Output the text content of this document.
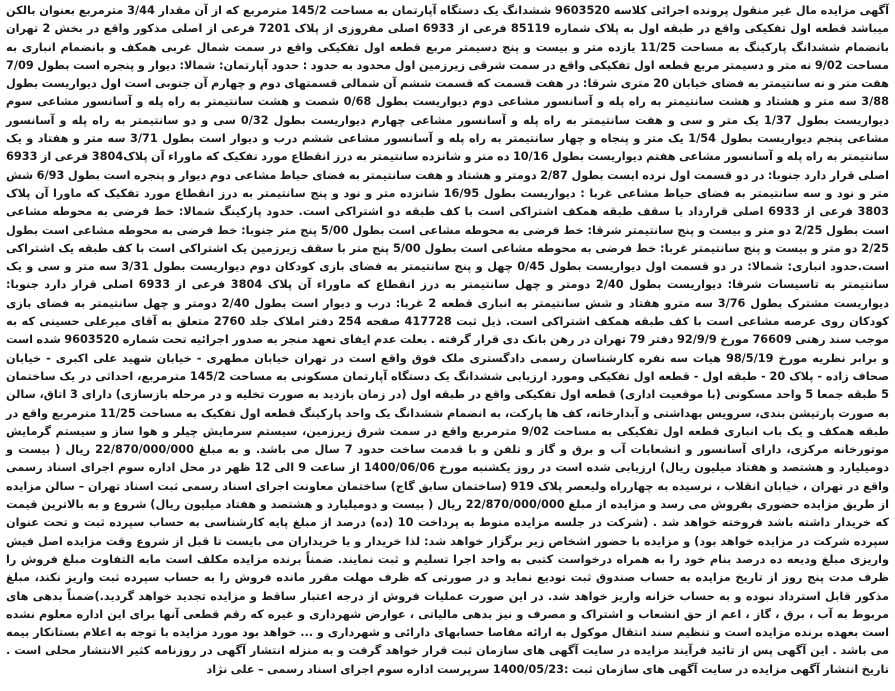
آگهی مزایده مال غیر منقول پرونده اجرائی کلاسه 9603520 ششدانگ یک دستگاه آپارتمان به مساحت 145/2 مترمربع که از آن مقدار 3/44 مترمربع بعنوان بالکن میباشد قطعه اول تفکیکی واقع در طبقه اول به پلاک شماره 85119 فرعی از 6933 اصلی مفروزی از پلاک 7201 فرعی از اصلی مذکور واقع در بخش 2 تهران بانضمام ششدانگ پارکینگ به مساحت 11/25 یازده متر و بیست و پنج دسیمتر مربع قطعه اول تفکیکی واقع در سمت شمال غربی همکف و بانضمام انباری به مساحت 9/02 نه متر و دسیمتر مربع قطعه اول تفکیکی واقع در سمت شرقی زیرزمین اول محدود به حدود : حدود آپارتمان: شمالا: دیوار و پنجره است بطول 7/09 هفت متر و نه سانتیمتر به فضای خیابان 20 متری شرقا: در هفت قسمت که قسمت ششم آن شمالی قسمتهای دوم و چهارم آن جنوبی است اول دیواریست بطول 3/88 سه متر و هشتاد و هشت سانتیمتر به راه پله و آسانسور مشاعی دوم دیواریست بطول 0/68 شصت و هشت سانتیمتر به راه پله و آسانسور مشاعی سوم دیواریست بطول 1/37 یک متر و سی و هفت سانتیمتر به راه پله و آسانسور مشاعی چهارم دیواریست بطول 0/32 سی و دو سانتیمتر به راه پله و آسانسور مشاعی پنجم دیواریست بطول 1/54 یک متر و پنجاه و چهار سانتیمتر به راه پله و آسانسور مشاعی ششم درب و دیوار است بطول 3/71 سه متر و هفتاد و یک سانتیمتر به راه پله و آسانسور مشاعی هفتم دیواریست بطول 10/16 ده متر و شانزده سانتیمتر به درز انقطاع مورد تفکیک که ماوراء آن پلاک3804 فرعی از 6933 اصلی قرار دارد جنوبا: در دو قسمت اول نرده ایست بطول 2/87 دومتر و هشتاد و هفت سانتیمتر به فضای حیاط مشاعی دوم دیوار و پنجره است بطول 6/93 شش متر و نود و سه سانتیمتر به فضای حیاط مشاعی غربا : دیواریست بطول 16/95 شانزده متر و نود و پنج سانتیمتر به درز انقطاع مورد تفکیک که ماورا آن پلاک 3803 فرعی از 6933 اصلی قرارداد با سقف طبقه همکف اشتراکی است با کف طبقه دو اشتراکی است. حدود پارکینگ شمالا: خط فرضی به محوطه مشاعی است بطول 2/25 دو متر و بیست و پنج سانتیمتر شرقا: خط فرضی به محوطه مشاعی است بطول 5/00 پنج متر جنوبا: خط فرضی به محوطه مشاعی است بطول 2/25 دو متر و بیست و پنج سانتیمتر غربا: خط فرضی به محوطه مشاعی است بطول 5/00 پنج متر با سقف زیرزمین یک اشتراکی است با کف طبقه یک اشتراکی است.حدود انباری: شمالا: در دو قسمت اول دیواریست بطول 0/45 چهل و پنج سانتیمتر به فضای بازی کودکان دوم دیواریست بطول 3/31 سه متر و سی و یک سانتیمتر به تاسیسات شرقا: دیواریست بطول 2/40 دومتر و چهل سانتیمتر به درز انقطاع که ماوراء آن پلاک 3804 فرعی از 6933 اصلی قرار دارد جنوبا: دیواریست مشترک بطول 3/76 سه مترو هفتاد و شش سانتیمتر به انباری قطعه 2 غربا: درب و دیوار است بطول 2/40 دومتر و چهل سانتیمتر به فضای بازی کودکان روی عرصه مشاعی است با کف طبقه همکف اشتراکی است. ذیل ثبت 417728 صفحه 254 دفتر املاک جلد 2760 متعلق به آقای میرعلی حسینی که به موجب سند رهنی 76609 مورخ 92/9/9 دفتر 79 تهران در رهن بانک دی قرار گرفته . بعلت عدم ایفای تعهد منجر به صدور اجرائیه تحت شماره 9603520 شده است و برابر نظریه مورخ 98/5/19 هیات سه نفره کارشناسان رسمی دادگستری ملک فوق واقع است در تهران خیابان مطهری - خیابان شهید علی اکبری - خیابان صحاف زاده - پلاک 20 - طبقه اول - قطعه اول تفکیکی ومورد ارزیابی ششدانگ یک دستگاه آپارتمان مسکونی به مساحت 145/2 مترمربع، احداثی در یک ساختمان 5 طبقه جمعا 5 واحد مسکونی (با موقعیت اداری) قطعه اول تفکیکی واقع در طبقه اول (در زمان بازدید به صورت تخلیه و در مرحله بازسازی) دارای 3 اتاق، سالن به صورت پارتیشن بندی، سرویس بهداشتی و آبدارخانه، کف ها پارکت، به انضمام ششدانگ یک واحد پارکینگ قطعه اول تفکیک به مساحت 11/25 مترمربع واقع در طبقه همکف و یک باب انباری قطعه اول تفکیکی به مساحت 9/02 مترمربع واقع در سمت شرق زیرزمین، سیستم سرمایش چیلر و هوا ساز و سیستم گرمایش موتورخانه مرکزی، دارای آسانسور و انشعابات آب و برق و گاز و تلفن و با قدمت ساخت حدود 7 سال می باشد. و به مبلغ 22/870/000/000 ریال ( بیست و دومیلیارد و هشتصد و هفتاد میلیون ریال) ارزیابی شده است در روز یکشنبه مورخ 1400/06/06 از ساعت 9 الی 12 ظهر در محل اداره سوم اجرای اسناد رسمی واقع در تهران ، خیابان انقلاب ، نرسیده به چهارراه ولیعصر پلاک 919 (ساختمان سابق گاج) ساختمان معاونت اجرای اسناد رسمی ثبت اسناد تهران – سالن مزایده از طریق مزایده حضوری بفروش می رسد و مزایده از مبلغ 22/870/000/000 ریال ( بیست و دومیلیارد و هشتصد و هفتاد میلیون ریال) شروع و به بالاترین قیمت که خریدار داشته باشد فروخته خواهد شد . (شرکت در جلسه مزایده منوط به پرداخت 10 (ده) درصد از مبلغ پایه کارشناسی به حساب سپرده ثبت و تحت عنوان سپرده شرکت در مزایده خواهد بود) و مزایده با حضور اشخاص زیر برگزار خواهد شد: لذا خریدار و یا خریداران می بایست تا قبل از شروع وقت مزایده اصل فیش واریزی مبلغ ودیعه ده درصد بنام خود را به همراه درخواست کتبی به واحد اجرا تسلیم و ثبت نمایند. ضمناً برنده مزایده مکلف است مابه التفاوت مبلغ فروش را ظرف مدت پنج روز از تاریخ مزایده به حساب صندوق ثبت تودیع نماید و در صورتی که ظرف مهلت مقرر مانده فروش را به حساب سپرده ثبت واریز نکند، مبلغ مذکور قابل استرداد نبوده و به حساب خزانه واریز خواهد شد. در این صورت عملیات فروش از درجه اعتبار ساقط و مزایده تجدید خواهد گردید.)ضمناً بدهی های مربوط به آب ، برق ، گاز ، اعم از حق انشعاب و اشتراک و مصرف و نیز بدهی مالیاتی ، عوارض شهرداری و غیره که رقم قطعی آنها برای این اداره معلوم نشده است بعهده برنده مزایده است و تنظیم سند انتقال موکول به ارائه مفاصا حسابهای دارائی و شهرداری و ... خواهد بود مورد مزایده با توجه به اعلام بستانکار بیمه می باشد . این آگهی پس از تائید فرآیند مزایده در سایت آگهی های سازمان ثبت قرار خواهد گرفت و به منزله انتشار آگهی در روزنامه کثیر الانتشار محلی است . تاریخ انتشار آگهی مزایده در سایت آگهی های سازمان ثبت :1400/05/23 سرپرست اداره سوم اجرای اسناد رسمی – علی نژاد
